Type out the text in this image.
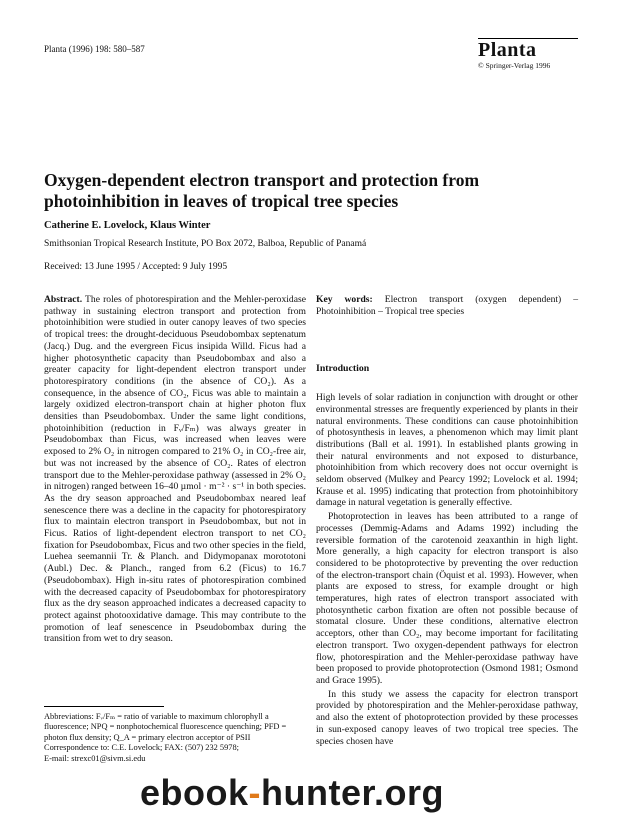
Planta (1996) 198: 580–587	Planta
© Springer-Verlag 1996
Oxygen-dependent electron transport and protection from photoinhibition in leaves of tropical tree species
Catherine E. Lovelock, Klaus Winter
Smithsonian Tropical Research Institute, PO Box 2072, Balboa, Republic of Panamá
Received: 13 June 1995 / Accepted: 9 July 1995

Abstract. The roles of photorespiration and the Mehler-peroxidase pathway in sustaining electron transport and protection from photoinhibition were studied in outer canopy leaves of two species of tropical trees: the drought-deciduous Pseudobombax septenatum (Jacq.) Dug. and the evergreen Ficus insipida Willd. Ficus had a higher photosynthetic capacity than Pseudobombax and also a greater capacity for light-dependent electron transport under photorespiratory conditions (in the absence of CO₂). As a consequence, in the absence of CO₂, Ficus was able to maintain a largely oxidized electron-transport chain at higher photon flux densities than Pseudobombax. Under the same light conditions, photoinhibition (reduction in Fᵥ/Fₘ) was always greater in Pseudobombax than Ficus, was increased when leaves were exposed to 2% O₂ in nitrogen compared to 21% O₂ in CO₂-free air, but was not increased by the absence of CO₂. Rates of electron transport due to the Mehler-peroxidase pathway (assessed in 2% O₂ in nitrogen) ranged between 16–40 µmol · m⁻² · s⁻¹ in both species. As the dry season approached and Pseudobombax neared leaf senescence there was a decline in the capacity for photorespiratory flux to maintain electron transport in Pseudobombax, but not in Ficus. Ratios of light-dependent electron transport to net CO₂ fixation for Pseudobombax, Ficus and two other species in the field, Luehea seemannii Tr. & Planch. and Didymopanax morototoni (Aubl.) Dec. & Planch., ranged from 6.2 (Ficus) to 16.7 (Pseudobombax). High in-situ rates of photorespiration combined with the decreased capacity of Pseudobombax for photorespiratory flux as the dry season approached indicates a decreased capacity to protect against photooxidative damage. This may contribute to the promotion of leaf senescence in Pseudobombax during the transition from wet to dry season.

Key words: Electron transport (oxygen dependent) – Photoinhibition – Tropical tree species

Introduction

High levels of solar radiation in conjunction with drought or other environmental stresses are frequently experienced by plants in their natural environments. These conditions can cause photoinhibition of photosynthesis in leaves, a phenomenon which may limit plant distributions (Ball et al. 1991). In established plants growing in their natural environments and not exposed to disturbance, photoinhibition from which recovery does not occur overnight is seldom observed (Mulkey and Pearcy 1992; Lovelock et al. 1994; Krause et al. 1995) indicating that protection from photoinhibitory damage in natural vegetation is generally effective.

Photoprotection in leaves has been attributed to a range of processes (Demmig-Adams and Adams 1992) including the reversible formation of the carotenoid zeaxanthin in high light. More generally, a high capacity for electron transport is also considered to be photoprotective by preventing the over reduction of the electron-transport chain (Öquist et al. 1993). However, when plants are exposed to stress, for example drought or high temperatures, high rates of electron transport associated with photosynthetic carbon fixation are often not possible because of stomatal closure. Under these conditions, alternative electron acceptors, other than CO₂, may become important for facilitating electron transport. Two oxygen-dependent pathways for electron flow, photorespiration and the Mehler-peroxidase pathway have been proposed to provide photoprotection (Osmond 1981; Osmond and Grace 1995).

In this study we assess the capacity for electron transport provided by photorespiration and the Mehler-peroxidase pathway, and also the extent of photoprotection provided by these processes in sun-exposed canopy leaves of two tropical tree species. The species chosen have

Abbreviations: Fᵥ/Fₘ = ratio of variable to maximum chlorophyll a fluorescence; NPQ = nonphotochemical fluorescence quenching; PFD = photon flux density; Q_A = primary electron acceptor of PSII

Correspondence to: C.E. Lovelock; FAX: (507) 232 5978;

E-mail: strexc01@sivm.si.edu

ebook-hunter.org
